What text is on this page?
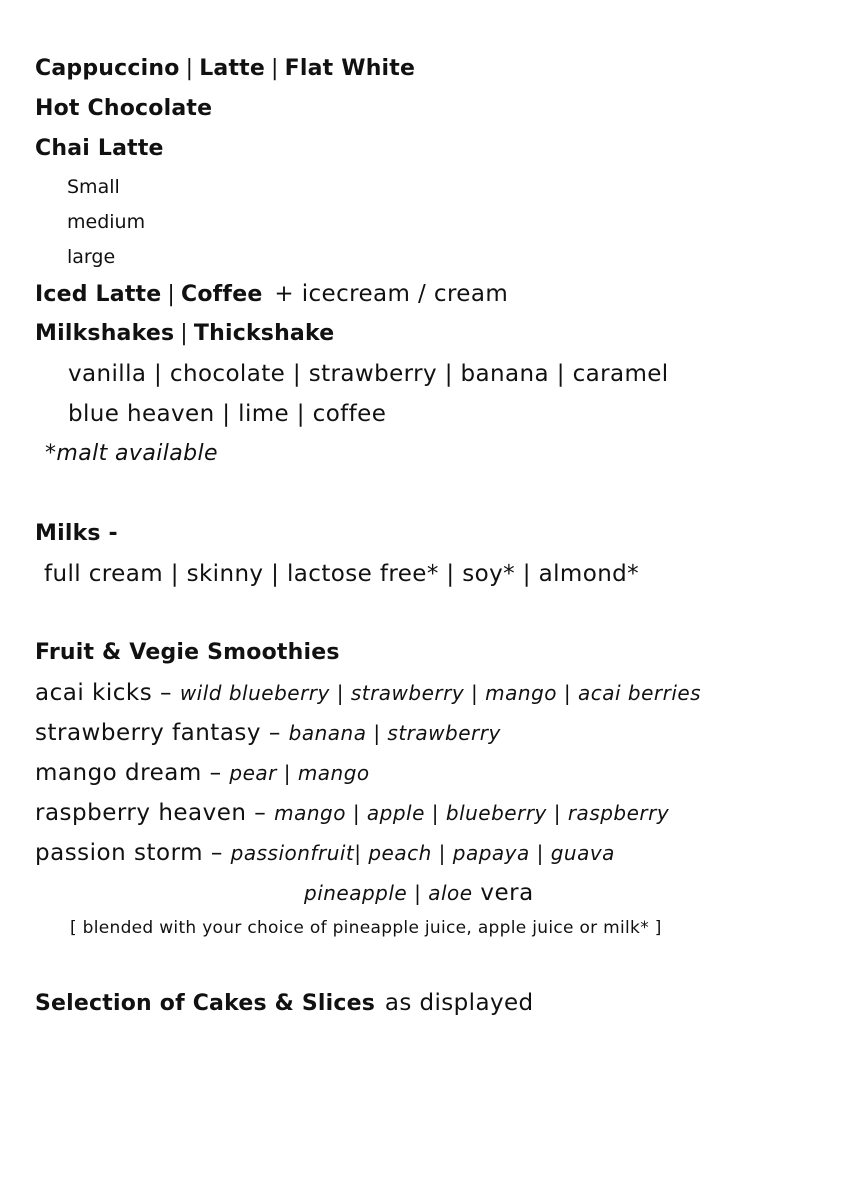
Cappuccino | Latte | Flat White
Hot Chocolate
Chai Latte
Small
medium
large
Iced Latte | Coffee + icecream / cream
Milkshakes | Thickshake
vanilla | chocolate | strawberry | banana | caramel
blue heaven | lime | coffee
*malt available
Milks -
full cream | skinny | lactose free* | soy* | almond*
Fruit & Vegie Smoothies
acai kicks – wild blueberry | strawberry | mango | acai berries
strawberry fantasy – banana | strawberry
mango dream – pear | mango
raspberry heaven – mango | apple | blueberry | raspberry
passion storm – passionfruit| peach | papaya | guava
pineapple | aloe vera
[ blended with your choice of pineapple juice, apple juice or milk* ]
Selection of Cakes & Slices as displayed
